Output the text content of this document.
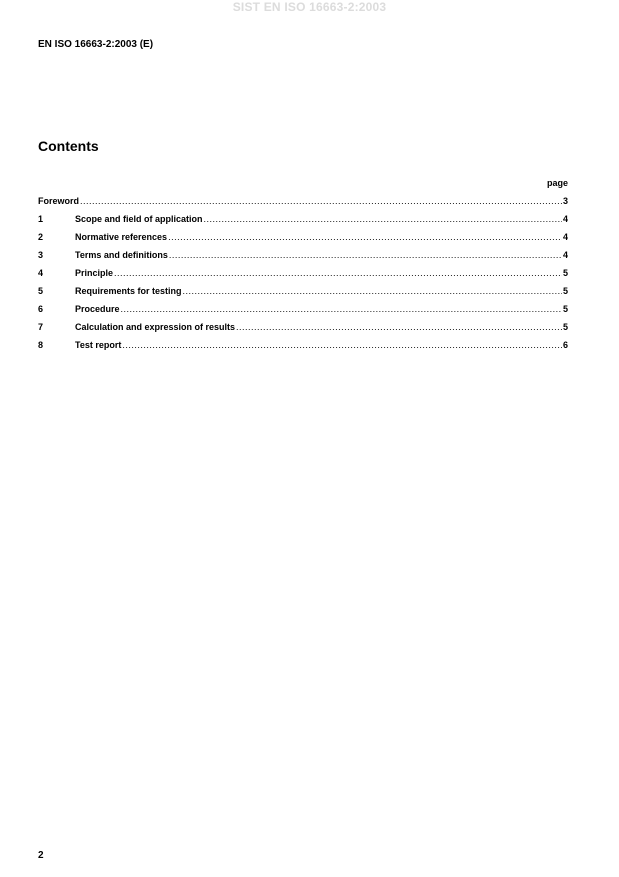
SIST EN ISO 16663-2:2003
EN ISO 16663-2:2003 (E)
Contents
page
Foreword .....	3
1	Scope and field of application .....	4
2	Normative references .....	4
3	Terms and definitions .....	4
4	Principle .....	5
5	Requirements for testing .....	5
6	Procedure .....	5
7	Calculation and expression of results .....	5
8	Test report .....	6
2
